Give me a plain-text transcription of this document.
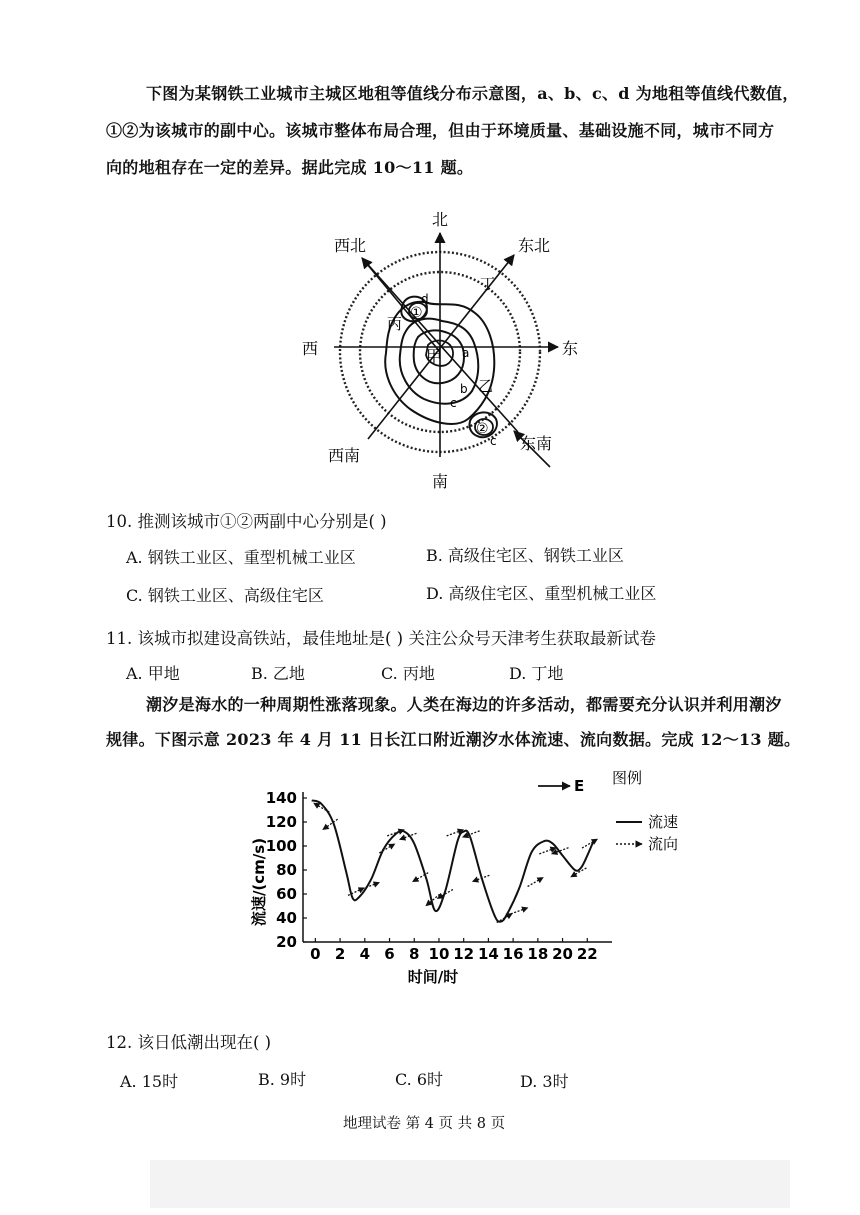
下图为某钢铁工业城市主城区地租等值线分布示意图，a、b、c、d 为地租等值线代数值，
①②为该城市的副中心。该城市整体布局合理，但由于环境质量、基础设施不同，城市不同方
向的地租存在一定的差异。据此完成 10～11 题。
北
南
东
西
东北
西北
东南
西南
甲
乙
丙
丁
a
b
c
d
c
①
②
10. 推测该城市①②两副中心分别是( )
A. 钢铁工业区、重型机械工业区	B. 高级住宅区、钢铁工业区
C. 钢铁工业区、高级住宅区	D. 高级住宅区、重型机械工业区
11. 该城市拟建设高铁站，最佳地址是( ) 关注公众号天津考生获取最新试卷
A. 甲地	B. 乙地	C. 丙地	D. 丁地
潮汐是海水的一种周期性涨落现象。人类在海边的许多活动，都需要充分认识并利用潮汐
规律。下图示意 2023 年 4 月 11 日长江口附近潮汐水体流速、流向数据。完成 12～13 题。
0 2 4 6 8 10 12 14 16 18 20 22
20
40
60
80
100
120
140
流速/(cm/s)
时间/时
E 图例
流速
流向
12. 该日低潮出现在( )
A. 15时	B. 9时	C. 6时	D. 3时
地理试卷 第 4 页 共 8 页
